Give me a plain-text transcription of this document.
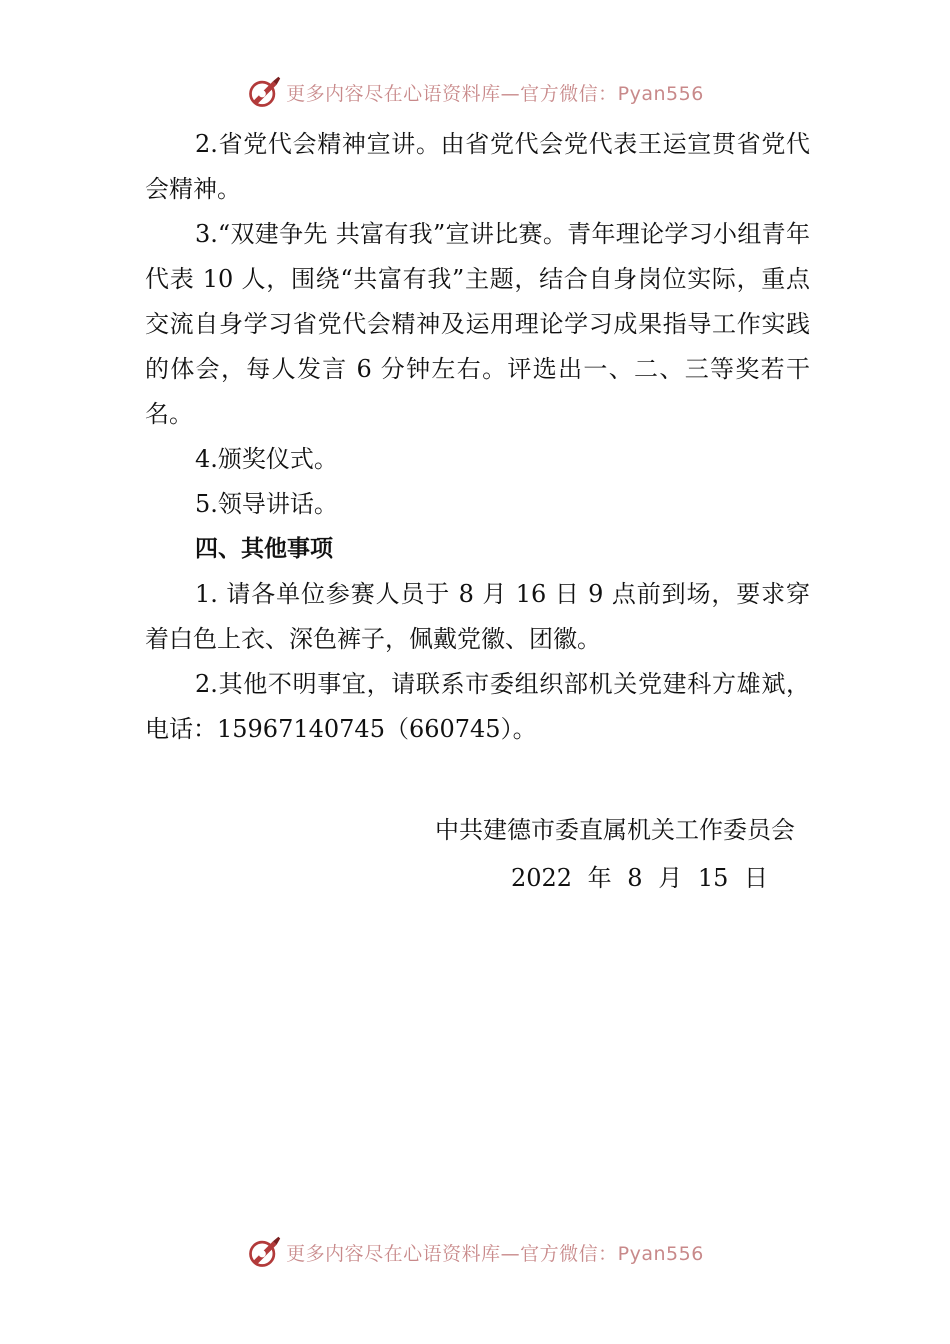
更多内容尽在心语资料库—官方微信：Pyan556

2.省党代会精神宣讲。由省党代会党代表王运宣贯省党代会精神。

3.“双建争先 共富有我”宣讲比赛。青年理论学习小组青年代表 10 人，围绕“共富有我”主题，结合自身岗位实际，重点交流自身学习省党代会精神及运用理论学习成果指导工作实践的体会，每人发言 6 分钟左右。评选出一、二、三等奖若干名。

4.颁奖仪式。

5.领导讲话。

四、其他事项

1. 请各单位参赛人员于 8 月 16 日 9 点前到场，要求穿着白色上衣、深色裤子，佩戴党徽、团徽。

2.其他不明事宜，请联系市委组织部机关党建科方雄斌，电话：15967140745（660745）。

中共建德市委直属机关工作委员会
2022 年 8 月 15 日
更多内容尽在心语资料库—官方微信：Pyan556
